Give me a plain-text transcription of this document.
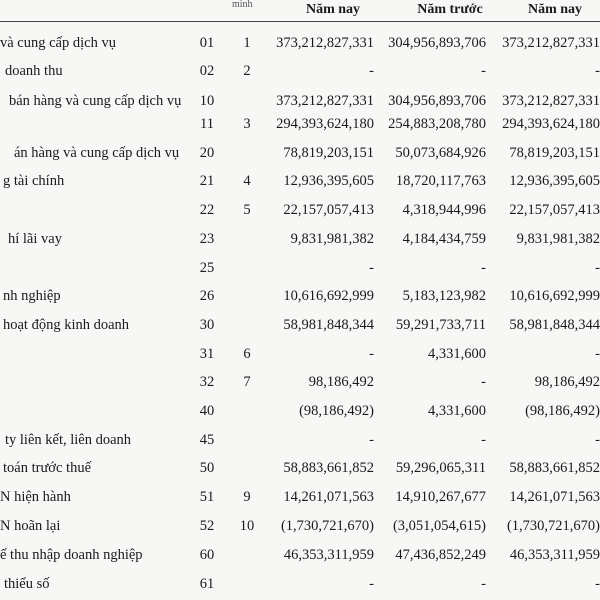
minh	Năm nay	Năm trước	Năm nay
và cung cấp dịch vụ	01	1	373,212,827,331 304,956,893,706	373,212,827,331
doanh thu	02	2	-	-	-
bán hàng và cung cấp dịch vụ	10	373,212,827,331 304,956,893,706	373,212,827,331
11	3	294,393,624,180 254,883,208,780	294,393,624,180
án hàng và cung cấp dịch vụ	20	78,819,203,151	50,073,684,926	78,819,203,151
g tài chính	21	4	12,936,395,605	18,720,117,763	12,936,395,605
22	5	22,157,057,413	4,318,944,996	22,157,057,413
hí lãi vay	23	9,831,981,382	4,184,434,759	9,831,981,382
25	-	-	-
nh nghiệp	26	10,616,692,999	5,183,123,982	10,616,692,999
hoạt động kinh doanh	30	58,981,848,344	59,291,733,711	58,981,848,344
31	6	-	4,331,600	-
32	7	98,186,492	-	98,186,492
40	(98,186,492)	4,331,600	(98,186,492)
ty liên kết, liên doanh	45	-	-	-
toán trước thuế	50	58,883,661,852	59,296,065,311	58,883,661,852
N hiện hành	51	9	14,261,071,563	14,910,267,677	14,261,071,563
N hoãn lại	52	10	(1,730,721,670)	(3,051,054,615)	(1,730,721,670)
ế thu nhập doanh nghiệp	60	46,353,311,959	47,436,852,249	46,353,311,959
thiểu số	61	-	-	-
